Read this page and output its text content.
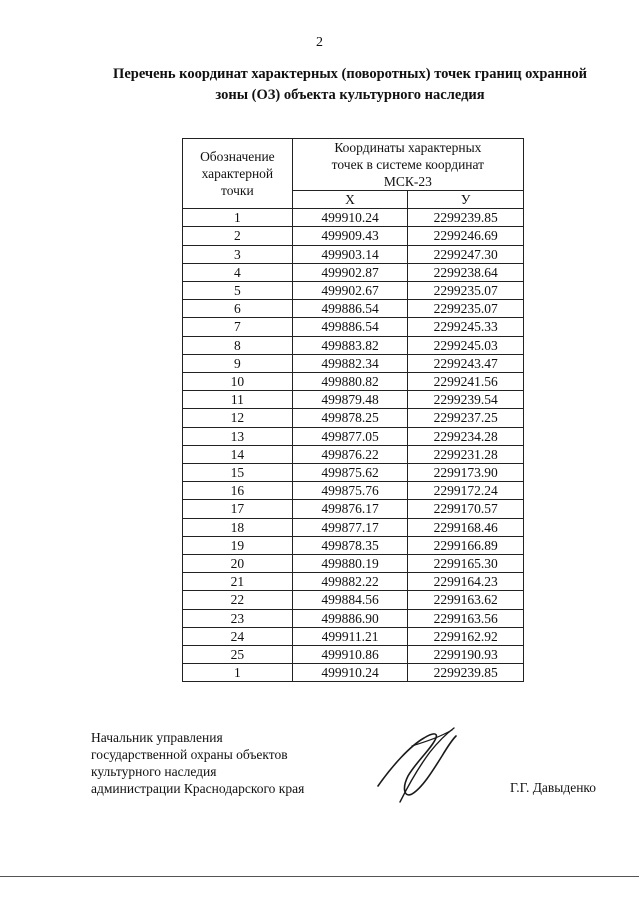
2
Перечень координат характерных (поворотных) точек границ охранной
зоны (ОЗ) объекта культурного наследия
Обозначение
характерной
точки	Координаты характерных
точек в системе координат
МСК-23	

	X	У
1	499910.24	2299239.85
2	499909.43	2299246.69
3	499903.14	2299247.30
4	499902.87	2299238.64
5	499902.67	2299235.07
6	499886.54	2299235.07
7	499886.54	2299245.33
8	499883.82	2299245.03
9	499882.34	2299243.47
10	499880.82	2299241.56
11	499879.48	2299239.54
12	499878.25	2299237.25
13	499877.05	2299234.28
14	499876.22	2299231.28
15	499875.62	2299173.90
16	499875.76	2299172.24
17	499876.17	2299170.57
18	499877.17	2299168.46
19	499878.35	2299166.89
20	499880.19	2299165.30
21	499882.22	2299164.23
22	499884.56	2299163.62
23	499886.90	2299163.56
24	499911.21	2299162.92
25	499910.86	2299190.93
1	499910.24	2299239.85
Начальник управления
государственной охраны объектов
культурного наследия
администрации Краснодарского края	Г.Г. Давыденко
